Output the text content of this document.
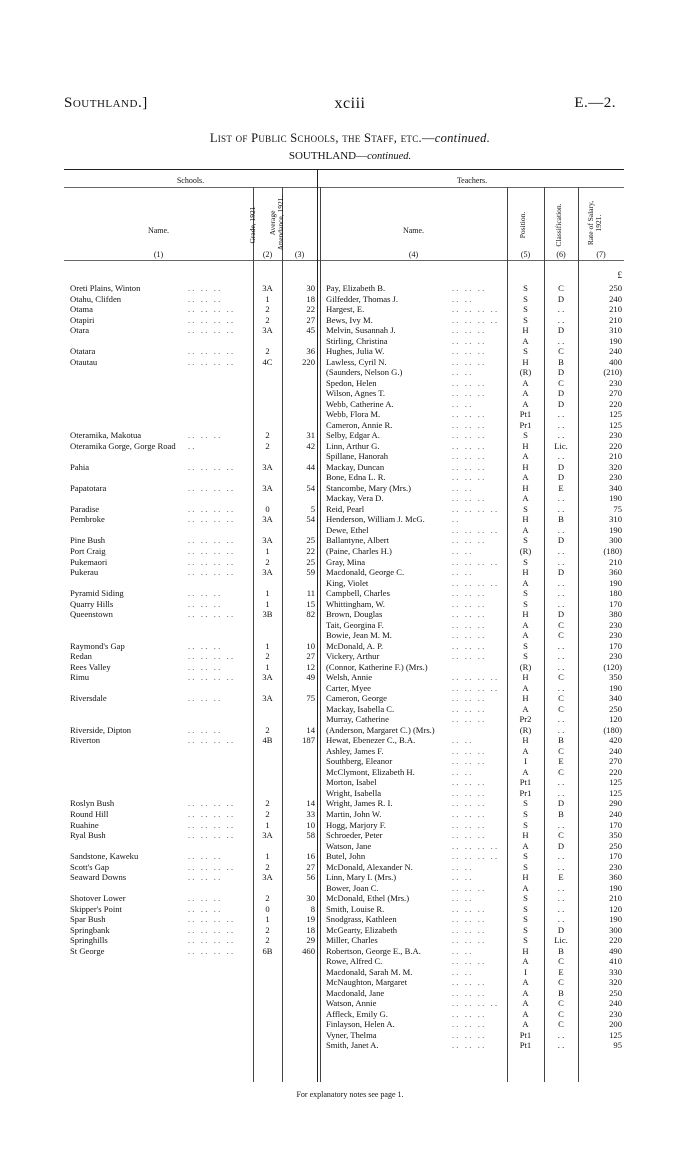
Southland.]	xciii	E.—2.
List of Public Schools, the Staff, etc.—continued.
SOUTHLAND—continued.
Schools.	Teachers.
Name.	Grade, 1921	Average Attendance, 1921.	Name.	Position.	Classification.	Rate of Salary, 1921.
(1)	(2)	(3)	(4)	(5)	(6)	(7)
£
Oreti Plains, Winton	. .   . .   . .	3A	30 Pay, Elizabeth B.	. .   . .   . .	S	C	250
Otahu, Clifden	. .   . .   . .	1	18 Gilfedder, Thomas J.	. .   . .	S	D	240
Otama	. .   . .   . .   . .	2	22 Hargest, E.	. .   . .   . .   . .	S	. .	210
Otapiri	. .   . .   . .   . .	2	27 Bews, Ivy M.	. .   . .   . .   . .	S	. .	210
Otara	. .   . .   . .   . .	3A	45 Melvin, Susannah J.	. .   . .   . .	H	D	310
Stirling, Christina	. .   . .   . .	A	. .	190
Otatara	. .   . .   . .   . .	2	36 Hughes, Julia W.	. .   . .   . .	S	C	240
Otautau	. .   . .   . .   . .	4C	220 Lawless, Cyril N.	. .   . .   . .	H	B	400
(Saunders, Nelson G.)	. .   . .	(R)	D	(210)
Spedon, Helen	. .   . .   . .	A	C	230
Wilson, Agnes T.	. .   . .   . .	A	D	270
Webb, Catherine A.	. .   . .	A	D	220
Webb, Flora M.	. .   . .   . .	Pt1	. .	125
Cameron, Annie R.	. .   . .   . .	Pr1	. .	125
Oteramika, Makotua	. .   . .   . .	2	31 Selby, Edgar A.	. .   . .   . .	S	. .	230
Oteramika Gorge, Gorge Road	. .	2	42 Linn, Arthur G.	. .   . .   . .	H	Lic.	220
Spillane, Hanorah	. .   . .   . .	A	. .	210
Pahia	. .   . .   . .   . .	3A	44 Mackay, Duncan	. .   . .   . .	H	D	320
Bone, Edna L. R.	. .   . .   . .	A	D	230
Papatotara	. .   . .   . .   . .	3A	54 Stancombe, Mary (Mrs.)	. .   . .	H	E	340
Mackay, Vera D.	. .   . .   . .	A	. .	190
Paradise	. .   . .   . .   . .	0	5 Reid, Pearl	. .   . .   . .   . .	S	. .	75
Pembroke	. .   . .   . .   . .	3A	54 Henderson, William J. McG.	. .	H	B	310
Dewe, Ethel	. .   . .   . .   . .	A	. .	190
Pine Bush	. .   . .   . .   . .	3A	25 Ballantyne, Albert	. .   . .   . .	S	D	300
Port Craig	. .   . .   . .   . .	1	22 (Paine, Charles H.)	. .   . .	(R)	. .	(180)
Pukemaori	. .   . .   . .   . .	2	25 Gray, Mina	. .   . .   . .   . .	S	. .	210
Pukerau	. .   . .   . .   . .	3A	59 Macdonald, George C.	. .   . .	H	D	360
King, Violet	. .   . .   . .   . .	A	. .	190
Pyramid Siding	. .   . .   . .	1	11 Campbell, Charles	. .   . .   . .	S	. .	180
Quarry Hills	. .   . .   . .	1	15 Whittingham, W.	. .   . .   . .	S	. .	170
Queenstown	. .   . .   . .   . .	3B	82 Brown, Douglas	. .   . .   . .	H	D	380
Tait, Georgina F.	. .   . .   . .	A	C	230
Bowie, Jean M. M.	. .   . .   . .	A	C	230
Raymond's Gap	. .   . .   . .	1	10 McDonald, A. P.	. .   . .   . .	S	. .	170
Redan	. .   . .   . .   . .	2	27 Vickery, Arthur	. .   . .   . .	S	. .	230
Rees Valley	. .   . .   . .	1	12 (Connor, Katherine F.) (Mrs.)	(R)	. .	(120)
Rimu	. .   . .   . .   . .	3A	49 Welsh, Annie	. .   . .   . .   . .	H	C	350
Carter, Myee	. .   . .   . .   . .	A	. .	190
Riversdale	. .   . .   . .	3A	75 Cameron, George	. .   . .   . .	H	C	340
Mackay, Isabella C.	. .   . .   . .	A	C	250
Murray, Catherine	. .   . .   . .	Pr2	. .	120
Riverside, Dipton	. .   . .   . .	2	14 (Anderson, Margaret C.) (Mrs.)	(R)	. .	(180)
Riverton	. .   . .   . .   . .	4B	187 Hewat, Ebenezer C., B.A.	. .   . .	H	B	420
Ashley, James F.	. .   . .   . .	A	C	240
Southberg, Eleanor	. .   . .   . .	I	E	270
McClymont, Elizabeth H.	. .   . .	A	C	220
Morton, Isabel	. .   . .   . .	Pt1	. .	125
Wright, Isabella	. .   . .   . .	Pr1	. .	125
Roslyn Bush	. .   . .   . .   . .	2	14 Wright, James R. I.	. .   . .   . .	S	D	290
Round Hill	. .   . .   . .   . .	2	33 Martin, John W.	. .   . .   . .	S	B	240
Ruahine	. .   . .   . .   . .	1	10 Hogg, Marjory F.	. .   . .   . .	S	. .	170
Ryal Bush	. .   . .   . .   . .	3A	58 Schroeder, Peter	. .   . .   . .	H	C	350
Watson, Jane	. .   . .   . .   . .	A	D	250
Sandstone, Kaweku	. .   . .   . .	1	16 Butel, John	. .   . .   . .   . .	S	. .	170
Scott's Gap	. .   . .   . .   . .	2	27 McDonald, Alexander N.	. .   . .	S	. .	230
Seaward Downs	. .   . .   . .	3A	56 Linn, Mary I. (Mrs.)	. .   . .	H	E	360
Bower, Joan C.	. .   . .   . .	A	. .	190
Shotover Lower	. .   . .   . .	2	30 McDonald, Ethel (Mrs.)	. .   . .	S	. .	210
Skipper's Point	. .   . .   . .	0	8 Smith, Louise R.	. .   . .   . .	S	. .	120
Spar Bush	. .   . .   . .   . .	1	19 Snodgrass, Kathleen	. .   . .   . .	S	. .	190
Springbank	. .   . .   . .   . .	2	18 McGearty, Elizabeth	. .   . .   . .	S	D	300
Springhills	. .   . .   . .   . .	2	29 Miller, Charles	. .   . .   . .	S	Lic.	220
St George	. .   . .   . .   . .	6B	460 Robertson, George E., B.A.	. .   . .	H	B	490
Rowe, Alfred C.	. .   . .   . .	A	C	410
Macdonald, Sarah M. M.	. .   . .	I	E	330
McNaughton, Margaret	. .   . .   . .	A	C	320
Macdonald, Jane	. .   . .   . .	A	B	250
Watson, Annie	. .   . .   . .   . .	A	C	240
Affleck, Emily G.	. .   . .   . .	A	C	230
Finlayson, Helen A.	. .   . .   . .	A	C	200
Vyner, Thelma	. .   . .   . .	Pt1	. .	125
Smith, Janet A.	. .   . .   . .	Pt1	. .	95
For explanatory notes see page 1.
